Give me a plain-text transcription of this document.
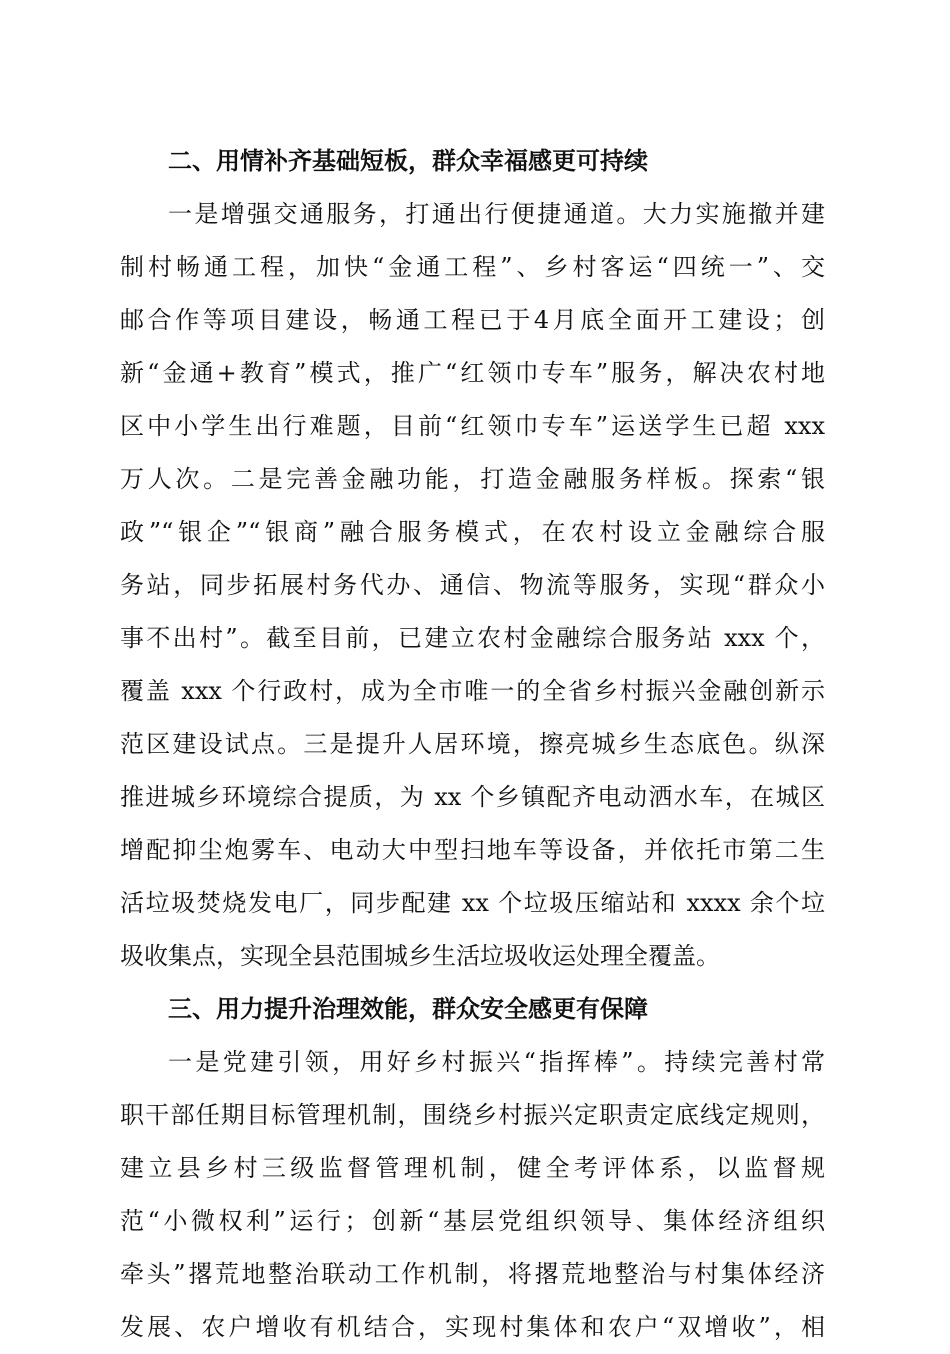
二、用情补齐基础短板，群众幸福感更可持续
一是增强交通服务，打通出行便捷通道。大力实施撤并建
制村畅通工程，加快“金通工程”、乡村客运“四统一”、交
邮合作等项目建设，畅通工程已于4月底全面开工建设；创
新“金通+教育”模式，推广“红领巾专车”服务，解决农村地
区中小学生出行难题，目前“红领巾专车”运送学生已超 xxx
万人次。二是完善金融功能，打造金融服务样板。探索“银
政”“银企”“银商”融合服务模式，在农村设立金融综合服
务站，同步拓展村务代办、通信、物流等服务，实现“群众小
事不出村”。截至目前，已建立农村金融综合服务站 xxx 个，
覆盖 xxx 个行政村，成为全市唯一的全省乡村振兴金融创新示
范区建设试点。三是提升人居环境，擦亮城乡生态底色。纵深
推进城乡环境综合提质，为 xx 个乡镇配齐电动洒水车，在城区
增配抑尘炮雾车、电动大中型扫地车等设备，并依托市第二生
活垃圾焚烧发电厂，同步配建 xx 个垃圾压缩站和 xxxx 余个垃
圾收集点，实现全县范围城乡生活垃圾收运处理全覆盖。
三、用力提升治理效能，群众安全感更有保障
一是党建引领，用好乡村振兴“指挥棒”。持续完善村常
职干部任期目标管理机制，围绕乡村振兴定职责定底线定规则，
建立县乡村三级监督管理机制，健全考评体系，以监督规
范“小微权利”运行；创新“基层党组织领导、集体经济组织
牵头”撂荒地整治联动工作机制，将撂荒地整治与村集体经济
发展、农户增收有机结合，实现村集体和农户“双增收”，相
